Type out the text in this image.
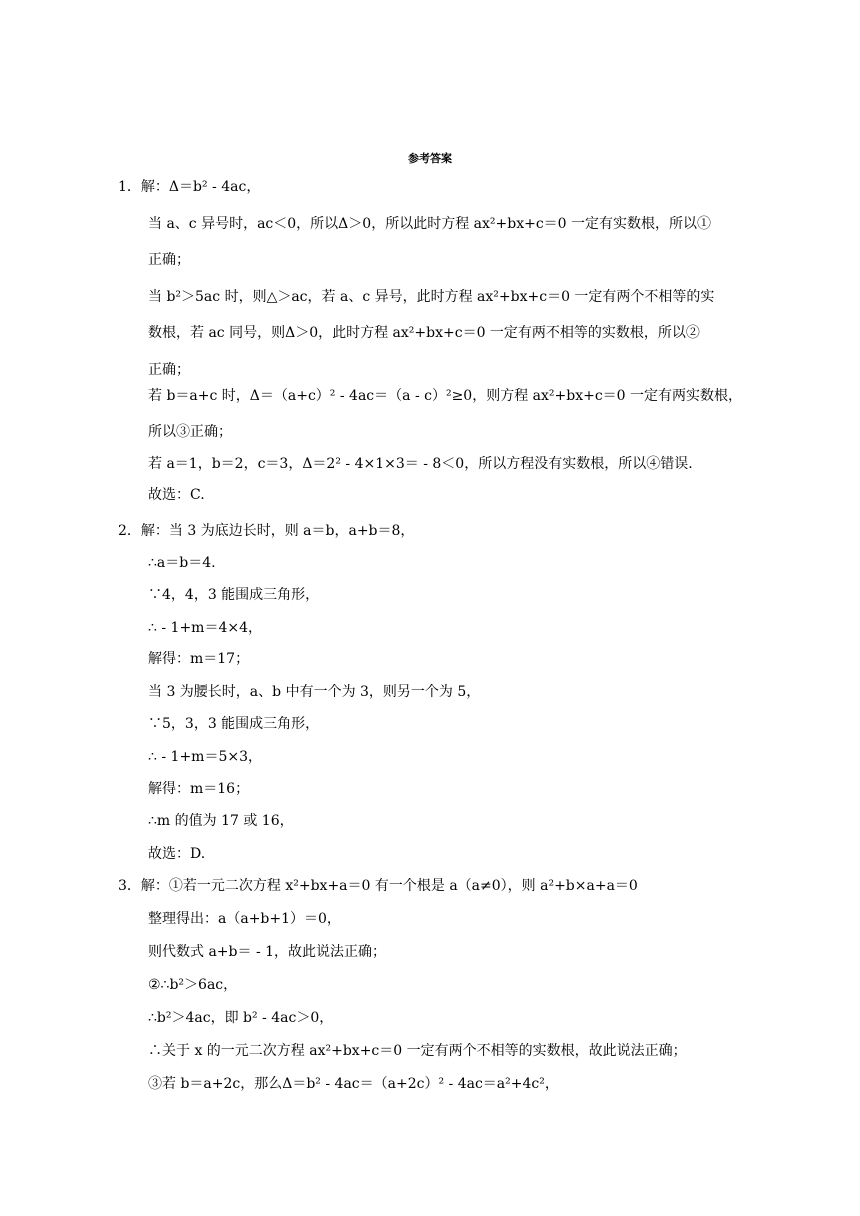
参考答案
1．解：Δ＝b² - 4ac，
当 a、c 异号时，ac＜0，所以Δ＞0，所以此时方程 ax²+bx+c＝0 一定有实数根，所以①
正确；
当 b²＞5ac 时，则△＞ac，若 a、c 异号，此时方程 ax²+bx+c＝0 一定有两个不相等的实
数根，若 ac 同号，则Δ＞0，此时方程 ax²+bx+c＝0 一定有两不相等的实数根，所以②
正确；
若 b＝a+c 时，Δ＝（a+c）² - 4ac＝（a - c）²≥0，则方程 ax²+bx+c＝0 一定有两实数根，
所以③正确；
若 a＝1，b＝2，c＝3，Δ＝2² - 4×1×3＝ - 8＜0，所以方程没有实数根，所以④错误.
故选：C.
2．解：当 3 为底边长时，则 a＝b，a+b＝8，
∴a＝b＝4.
∵4，4，3 能围成三角形，
∴ - 1+m＝4×4，
解得：m＝17；
当 3 为腰长时，a、b 中有一个为 3，则另一个为 5，
∵5，3，3 能围成三角形，
∴ - 1+m＝5×3，
解得：m＝16；
∴m 的值为 17 或 16，
故选：D.
3．解：①若一元二次方程 x²+bx+a＝0 有一个根是 a（a≠0），则 a²+b×a+a＝0
整理得出：a（a+b+1）＝0，
则代数式 a+b＝ - 1，故此说法正确；
②∴b²＞6ac，
∴b²＞4ac，即 b² - 4ac＞0，
∴关于 x 的一元二次方程 ax²+bx+c＝0 一定有两个不相等的实数根，故此说法正确；
③若 b＝a+2c，那么Δ＝b² - 4ac＝（a+2c）² - 4ac＝a²+4c²，
